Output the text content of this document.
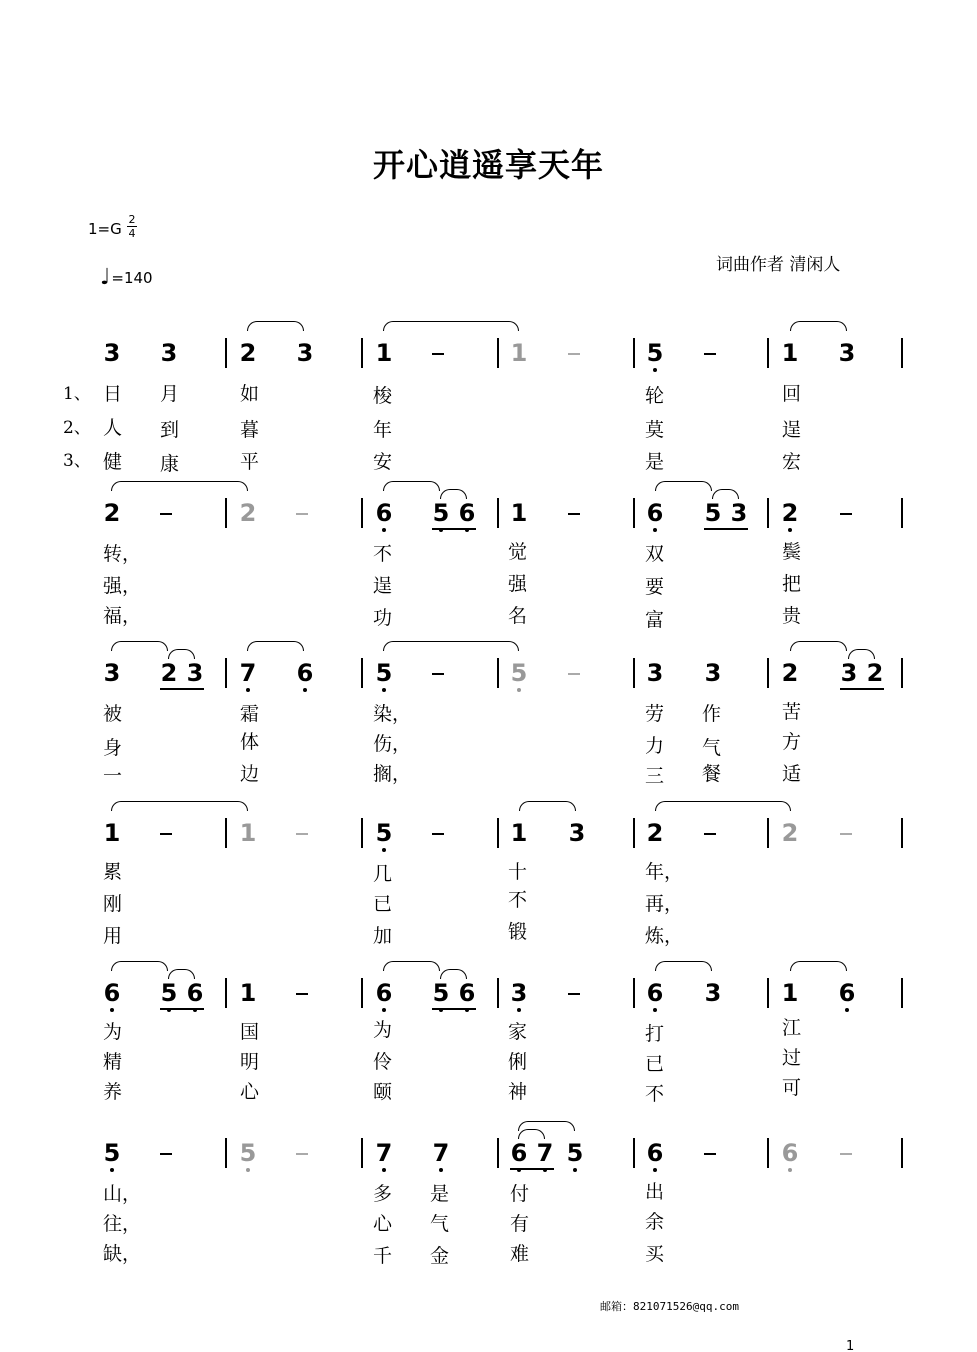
开心逍遥享天年
1=G
2
4
♩ =140
词曲作者 清闲人
3 3	2 3	1	1	5	1 3
1、
2、
3、
日	月	如	梭	轮	回
人	到	暮	年	莫	逞
健	康	平	安	是	宏
2	2	6 5 6 1	6 5 3 2
转，	不	觉	双	鬓
强，	逞	强	要	把
福，	功	名	富	贵
3 2 3 7 6	5	5	3 3	2 3 2
被	霜	染，	劳	作	苦
身	体	伤，	力	气	方
一	边	搁，	三	餐	适
1	1	5	1 3	2	2
累	几	十	年，
刚	已	不	再，
用	加	锻	炼，
6 5 6 1	6 5 6 3	6 3	1 6
为	国	为	家	打	江
精	明	伶	俐	已	过
养	心	颐	神	不	可
5	5	7 7	6 7 5	6	6
山，	多	是	付	出
往，	心	气	有	余
缺，	千	金	难	买
邮箱：821071526@qq.com
1
